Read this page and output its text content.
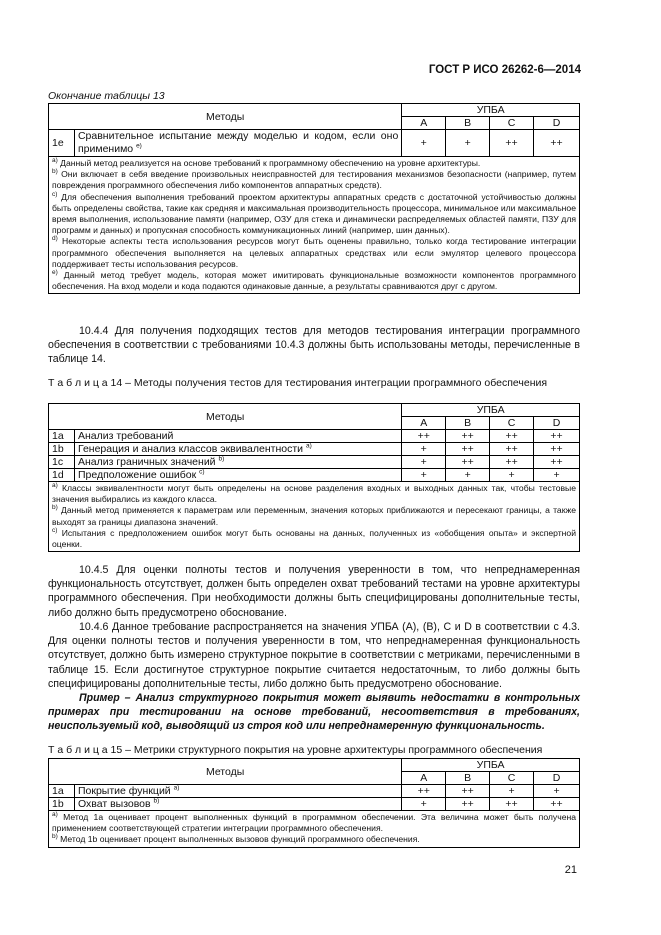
ГОСТ Р ИСО 26262-6—2014
Окончание таблицы 13
Методы		УПБА			
		A	B	C	D
1e	Сравнительное испытание между моделью и кодом, если оно применимо $^{e)}$	+	+	++	++

$^{a)}$ Данный метод реализуется на основе требований к программному обеспечению на уровне архитектуры.
$^{b)}$ Они включает в себя введение произвольных неисправностей для тестирования механизмов безопасности (например, путем повреждения программного обеспечения либо компонентов аппаратных средств).
$^{c)}$ Для обеспечения выполнения требований проектом архитектуры аппаратных средств с достаточной устойчивостью должны быть определены свойства, такие как средняя и максимальная производительность процессора, минимальное или максимальное время выполнения, использование памяти (например, ОЗУ для стека и динамически распределяемых областей памяти, ПЗУ для программ и данных) и пропускная способность коммуникационных линий (например, шин данных).
$^{d)}$ Некоторые аспекты теста использования ресурсов могут быть оценены правильно, только когда тестирование интеграции программного обеспечения выполняется на целевых аппаратных средствах или если эмулятор целевого процессора поддерживает тесты использования ресурсов.
$^{e)}$ Данный метод требует модель, которая может имитировать функциональные возможности компонентов программного обеспечения. На вход модели и кода подаются одинаковые данные, а результаты сравниваются друг с другом.					
10.4.4 Для получения подходящих тестов для методов тестирования интеграции программного обеспечения в соответствии с требованиями 10.4.3 должны быть использованы методы, перечисленные в таблице 14.
Т а б л и ц а 14 – Методы получения тестов для тестирования интеграции программного обеспечения
Методы		УПБА			
		A	B	C	D
1a	Анализ требований	++	++	++	++
1b	Генерация и анализ классов эквивалентности $^{a)}$	+	++	++	++
1c	Анализ граничных значений $^{b)}$	+	++	++	++
1d	Предположение ошибок $^{c)}$	+	+	+	+

$^{a)}$ Классы эквивалентности могут быть определены на основе разделения входных и выходных данных так, чтобы тестовые значения выбирались из каждого класса.
$^{b)}$ Данный метод применяется к параметрам или переменным, значения которых приближаются и пересекают границы, а также выходят за границы диапазона значений.
$^{c)}$ Испытания с предположением ошибок могут быть основаны на данных, полученных из «обобщения опыта» и экспертной оценки.					
10.4.5 Для оценки полноты тестов и получения уверенности в том, что непреднамеренная функциональность отсутствует, должен быть определен охват требований тестами на уровне архитектуры программного обеспечения. При необходимости должны быть специфицированы дополнительные тесты, либо должно быть предусмотрено обоснование.
10.4.6 Данное требование распространяется на значения УПБА (A), (B), C и D в соответствии с 4.3. Для оценки полноты тестов и получения уверенности в том, что непреднамеренная функциональность отсутствует, должно быть измерено структурное покрытие в соответствии с метриками, перечисленными в таблице 15. Если достигнутое структурное покрытие считается недостаточным, то либо должны быть специфицированы дополнительные тесты, либо должно быть предусмотрено обоснование.
Пример – Анализ структурного покрытия может выявить недостатки в контрольных примерах при тестировании на основе требований, несоответствия в требованиях, неиспользуемый код, выводящий из строя код или непреднамеренную функциональность.
Т а б л и ц а 15 – Метрики структурного покрытия на уровне архитектуры программного обеспечения
Методы		УПБА			
		A	B	C	D
1a	Покрытие функций $^{a)}$	++	++	+	+
1b	Охват вызовов $^{b)}$	+	++	++	++

$^{a)}$ Метод 1a оценивает процент выполненных функций в программном обеспечении. Эта величина может быть получена применением соответствующей стратегии интеграции программного обеспечения.
$^{b)}$ Метод 1b оценивает процент выполненных вызовов функций программного обеспечения.					
21
